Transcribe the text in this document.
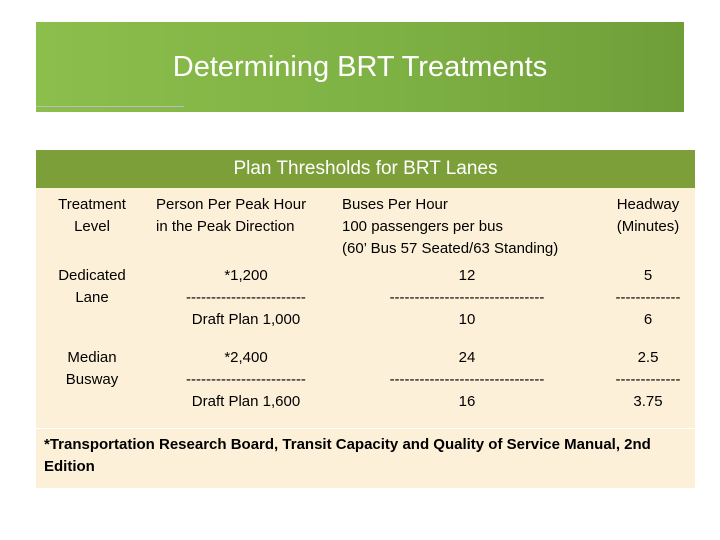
Determining BRT Treatments
Plan Thresholds for BRT Lanes
Treatment
Level
Person Per Peak Hour
in the Peak Direction
Buses Per Hour
100 passengers per bus
(60’ Bus 57 Seated/63 Standing)
Headway
(Minutes)
Dedicated
Lane
*1,200
------------------------
Draft Plan 1,000
12
-------------------------------
10
5
-------------
6
Median
Busway
*2,400
------------------------
Draft Plan 1,600
24
-------------------------------
16
2.5
-------------
3.75
*Transportation Research Board, Transit Capacity and Quality of Service Manual, 2nd Edition
